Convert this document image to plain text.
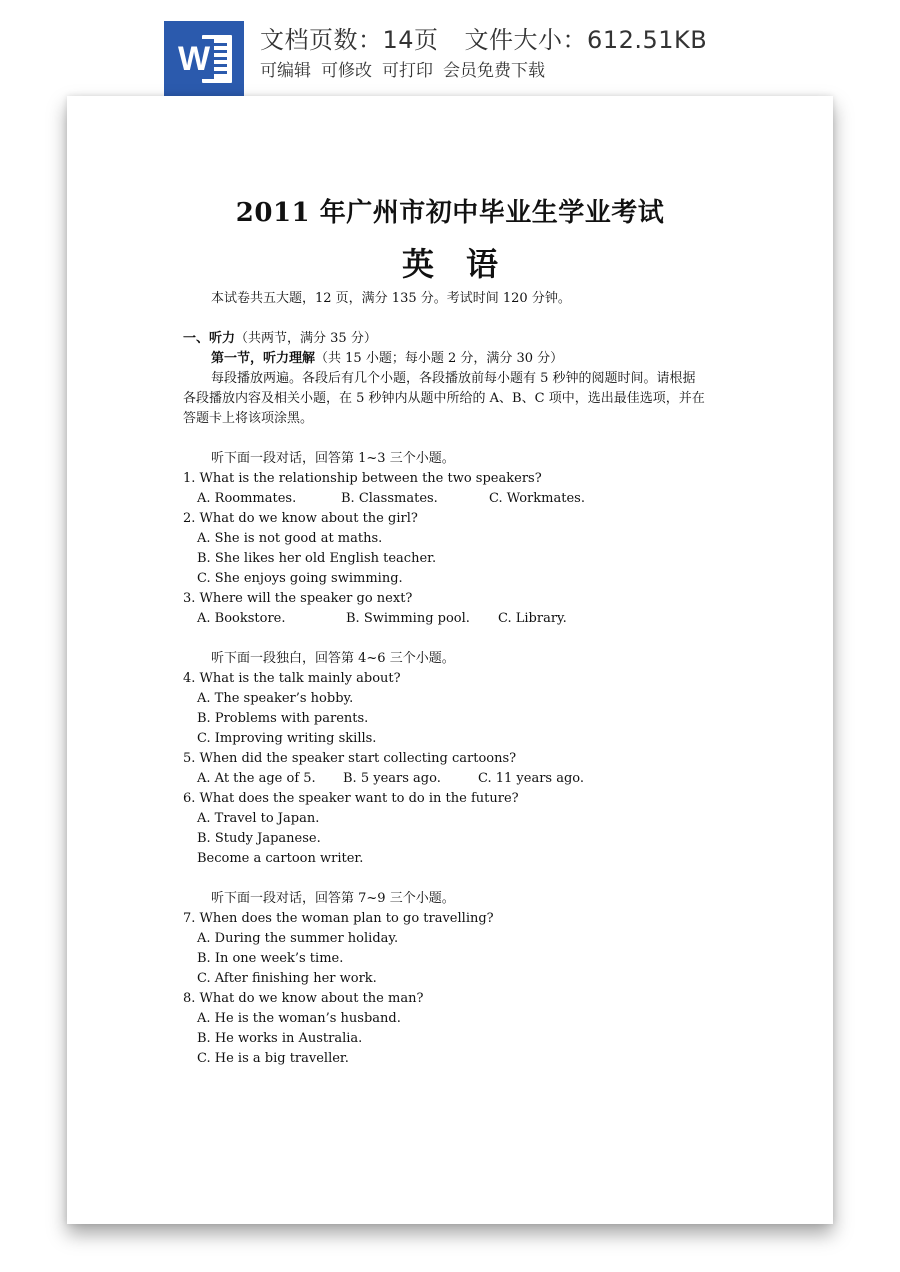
W 文档页数：14页 文件大小：612.51KB
可编辑 可修改 可打印 会员免费下载
2011 年广州市初中毕业生学业考试
英语
本试卷共五大题，12 页，满分 135 分。考试时间 120 分钟。
一、听力（共两节，满分 35 分）
第一节，听力理解（共 15 小题；每小题 2 分，满分 30 分）
每段播放两遍。各段后有几个小题，各段播放前每小题有 5 秒钟的阅题时间。请根据
各段播放内容及相关小题，在 5 秒钟内从题中所给的 A、B、C 项中，选出最佳选项，并在
答题卡上将该项涂黑。
听下面一段对话，回答第 1~3 三个小题。
1. What is the relationship between the two speakers?
A. Roommates.	B. Classmates.	C. Workmates.
2. What do we know about the girl?
A. She is not good at maths.
B. She likes her old English teacher.
C. She enjoys going swimming.
3. Where will the speaker go next?
A. Bookstore.	B. Swimming pool. C. Library.
听下面一段独白，回答第 4~6 三个小题。
4. What is the talk mainly about?
A. The speaker’s hobby.
B. Problems with parents.
C. Improving writing skills.
5. When did the speaker start collecting cartoons?
A. At the age of 5. B. 5 years ago.	C. 11 years ago.
6. What does the speaker want to do in the future?
A. Travel to Japan.
B. Study Japanese.
Become a cartoon writer.
听下面一段对话，回答第 7~9 三个小题。
7. When does the woman plan to go travelling?
A. During the summer holiday.
B. In one week’s time.
C. After finishing her work.
8. What do we know about the man?
A. He is the woman’s husband.
B. He works in Australia.
C. He is a big traveller.
